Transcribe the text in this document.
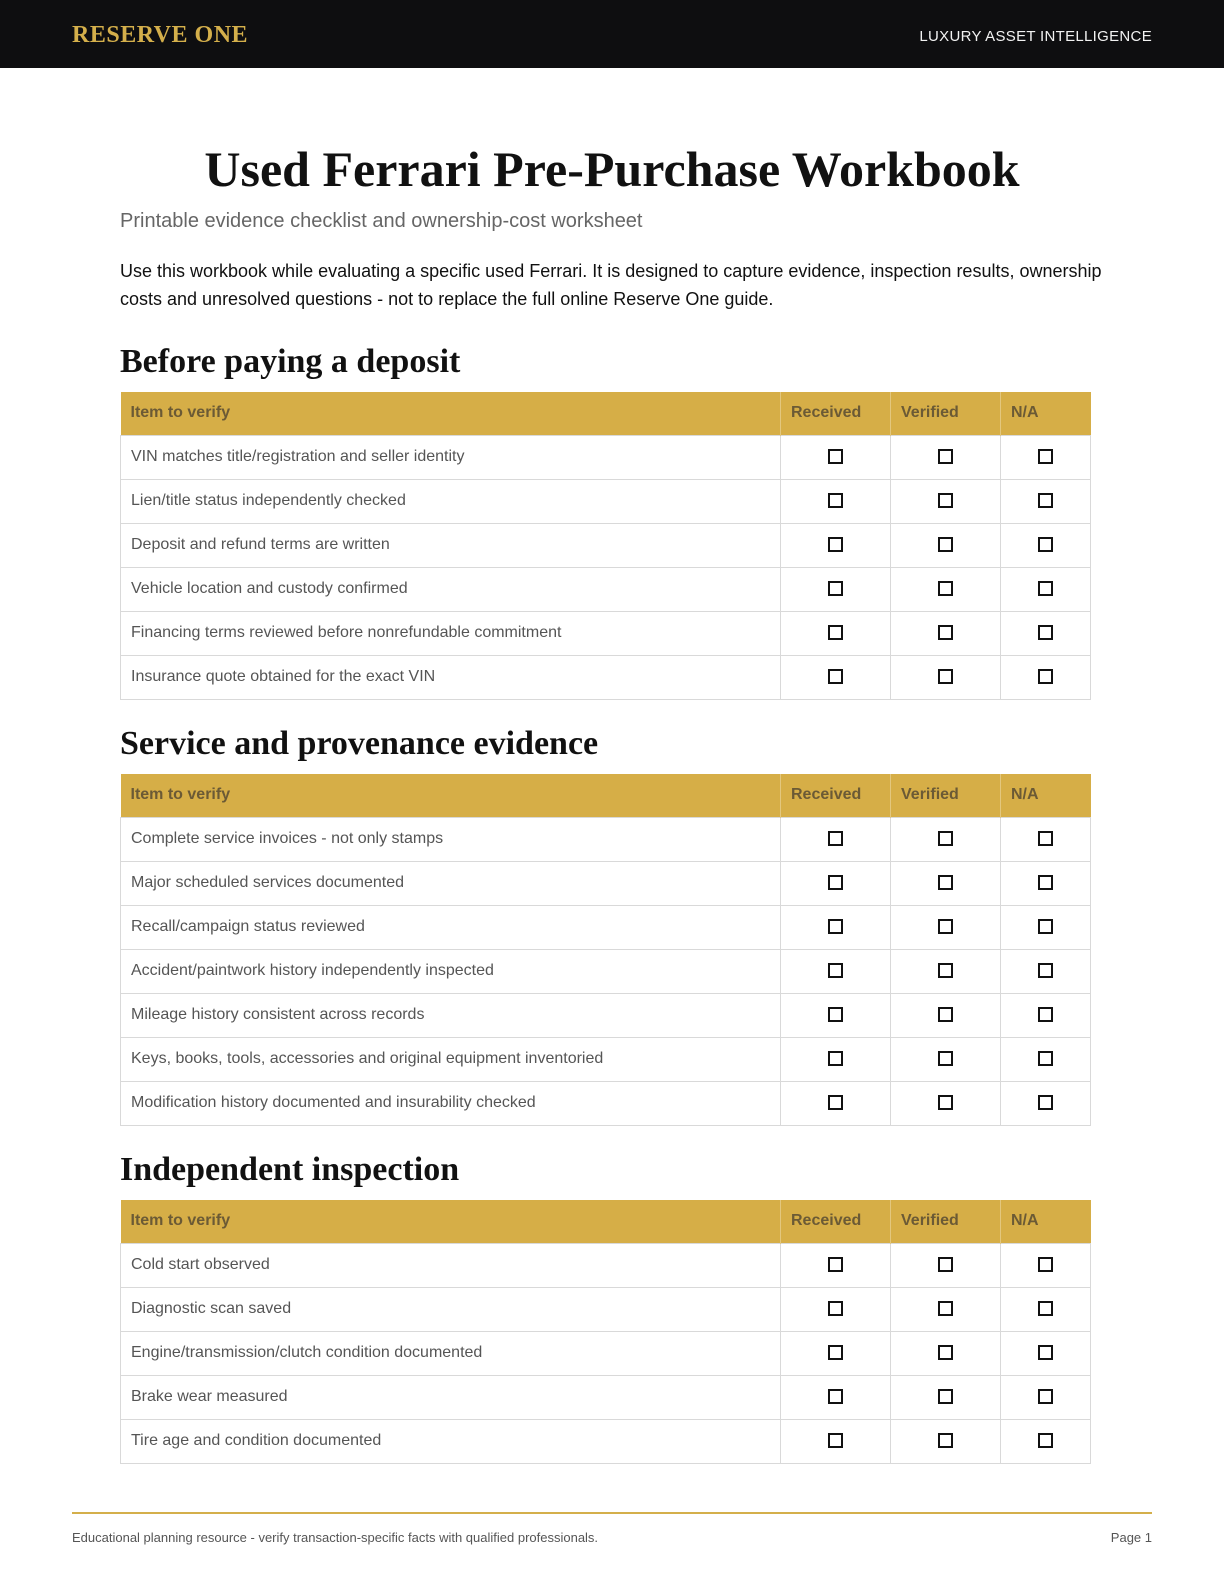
RESERVE ONE	LUXURY ASSET INTELLIGENCE
Used Ferrari Pre-Purchase Workbook
Printable evidence checklist and ownership-cost worksheet

Use this workbook while evaluating a specific used Ferrari. It is designed to capture evidence, inspection results, ownership costs and unresolved questions - not to replace the full online Reserve One guide.

Before paying a deposit
Item to verify	Received	Verified	N/A
VIN matches title/registration and seller identity			
Lien/title status independently checked			
Deposit and refund terms are written			
Vehicle location and custody confirmed			
Financing terms reviewed before nonrefundable commitment			
Insurance quote obtained for the exact VIN			
Service and provenance evidence
Item to verify	Received	Verified	N/A
Complete service invoices - not only stamps			
Major scheduled services documented			
Recall/campaign status reviewed			
Accident/paintwork history independently inspected			
Mileage history consistent across records			
Keys, books, tools, accessories and original equipment inventoried			
Modification history documented and insurability checked			
Independent inspection
Item to verify	Received	Verified	N/A
Cold start observed			
Diagnostic scan saved			
Engine/transmission/clutch condition documented			
Brake wear measured			
Tire age and condition documented			
Educational planning resource - verify transaction-specific facts with qualified professionals.	Page 1
